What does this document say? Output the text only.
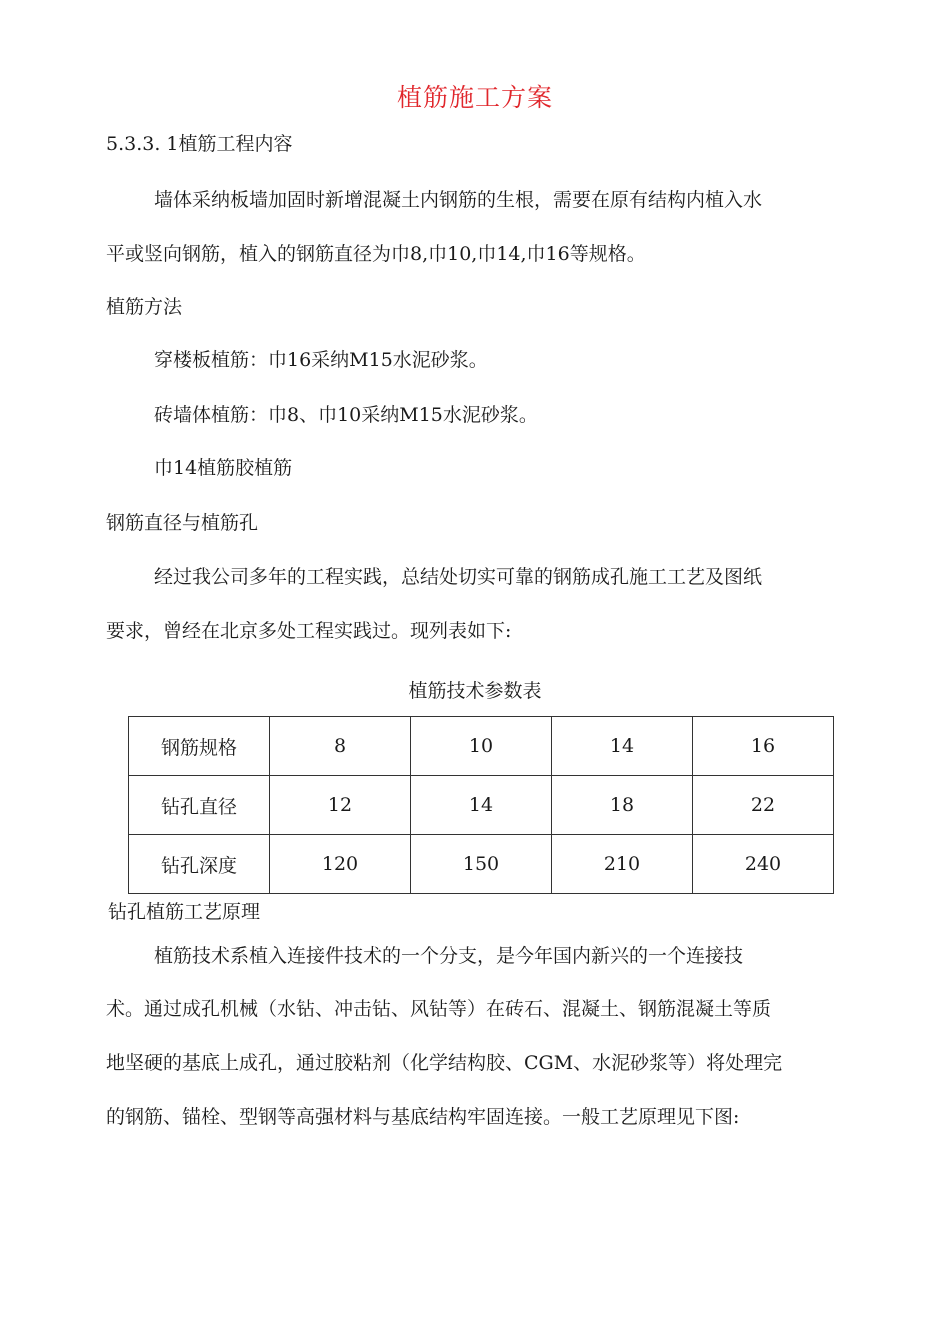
植筋施工方案
5.3.3. 1植筋工程内容
墙体采纳板墙加固时新增混凝土内钢筋的生根，需要在原有结构内植入水
平或竖向钢筋，植入的钢筋直径为巾8,巾10,巾14,巾16等规格。
植筋方法
穿楼板植筋：巾16采纳M15水泥砂浆。
砖墙体植筋：巾8、巾10采纳M15水泥砂浆。
巾14植筋胶植筋
钢筋直径与植筋孔
经过我公司多年的工程实践，总结处切实可靠的钢筋成孔施工工艺及图纸
要求，曾经在北京多处工程实践过。现列表如下:
植筋技术参数表
钢筋规格	8	10	14	16
钻孔直径	12	14	18	22
钻孔深度	120	150	210	240
钻孔植筋工艺原理
植筋技术系植入连接件技术的一个分支，是今年国内新兴的一个连接技
术。通过成孔机械（水钻、冲击钻、风钻等）在砖石、混凝土、钢筋混凝土等质
地坚硬的基底上成孔，通过胶粘剂（化学结构胶、CGM、水泥砂浆等）将处理完
的钢筋、锚栓、型钢等高强材料与基底结构牢固连接。一般工艺原理见下图:
